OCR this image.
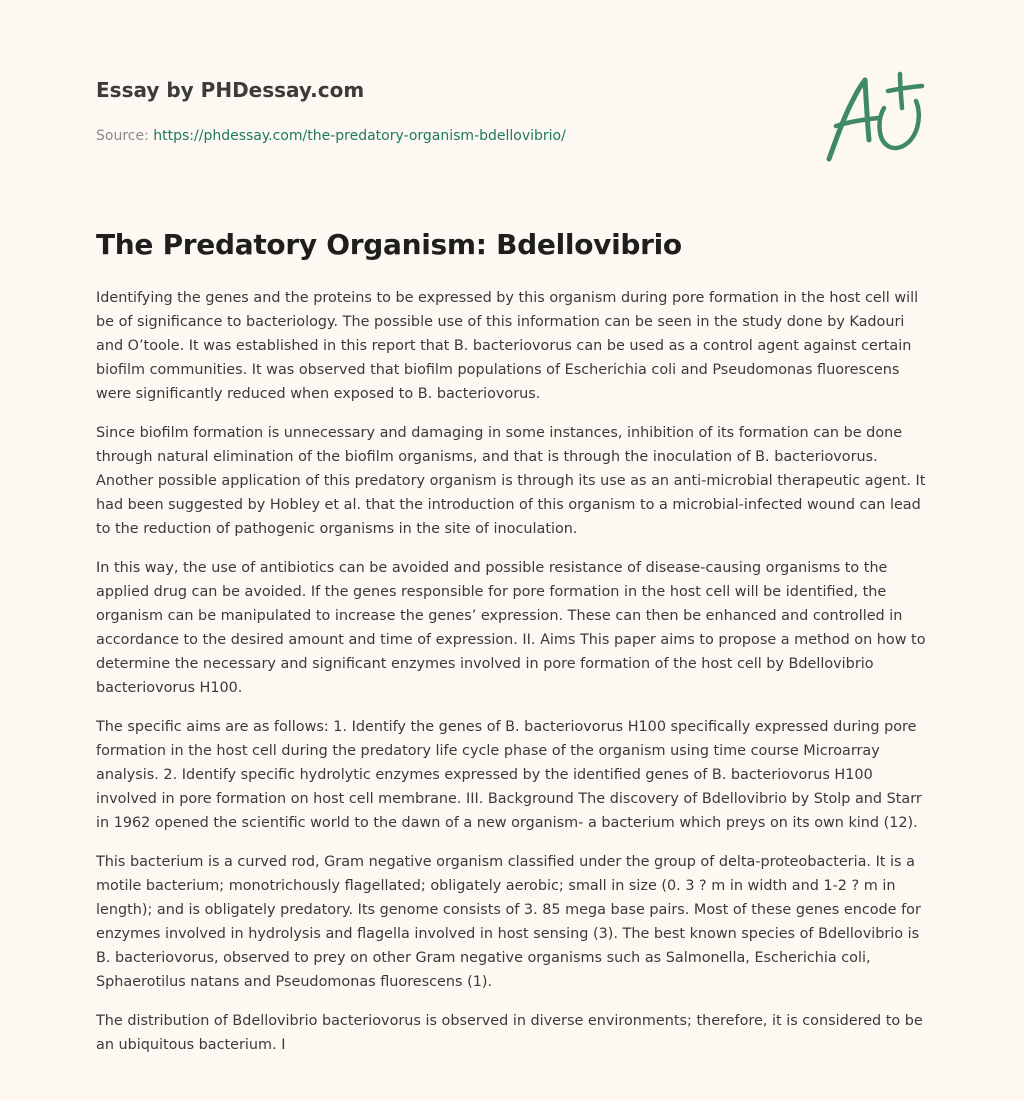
Essay by PHDessay.com
Source: https://phdessay.com/the-predatory-organism-bdellovibrio/
The Predatory Organism: Bdellovibrio

Identifying the genes and the proteins to be expressed by this organism during pore formation in the host cell will be of significance to bacteriology. The possible use of this information can be seen in the study done by Kadouri and O’toole. It was established in this report that B. bacteriovorus can be used as a control agent against certain biofilm communities. It was observed that biofilm populations of Escherichia coli and Pseudomonas fluorescens were significantly reduced when exposed to B. bacteriovorus.

Since biofilm formation is unnecessary and damaging in some instances, inhibition of its formation can be done through natural elimination of the biofilm organisms, and that is through the inoculation of B. bacteriovorus. Another possible application of this predatory organism is through its use as an anti-microbial therapeutic agent. It had been suggested by Hobley et al. that the introduction of this organism to a microbial-infected wound can lead to the reduction of pathogenic organisms in the site of inoculation.

In this way, the use of antibiotics can be avoided and possible resistance of disease-causing organisms to the applied drug can be avoided. If the genes responsible for pore formation in the host cell will be identified, the organism can be manipulated to increase the genes’ expression. These can then be enhanced and controlled in accordance to the desired amount and time of expression. II. Aims This paper aims to propose a method on how to determine the necessary and significant enzymes involved in pore formation of the host cell by Bdellovibrio bacteriovorus H100.

The specific aims are as follows: 1. Identify the genes of B. bacteriovorus H100 specifically expressed during pore formation in the host cell during the predatory life cycle phase of the organism using time course Microarray analysis. 2. Identify specific hydrolytic enzymes expressed by the identified genes of B. bacteriovorus H100 involved in pore formation on host cell membrane. III. Background The discovery of Bdellovibrio by Stolp and Starr in 1962 opened the scientific world to the dawn of a new organism- a bacterium which preys on its own kind (12).

This bacterium is a curved rod, Gram negative organism classified under the group of delta-proteobacteria. It is a motile bacterium; monotrichously flagellated; obligately aerobic; small in size (0. 3 ? m in width and 1-2 ? m in length); and is obligately predatory. Its genome consists of 3. 85 mega base pairs. Most of these genes encode for enzymes involved in hydrolysis and flagella involved in host sensing (3). The best known species of Bdellovibrio is B. bacteriovorus, observed to prey on other Gram negative organisms such as Salmonella, Escherichia coli, Sphaerotilus natans and Pseudomonas fluorescens (1).

The distribution of Bdellovibrio bacteriovorus is observed in diverse environments; therefore, it is considered to be an ubiquitous bacterium. I
